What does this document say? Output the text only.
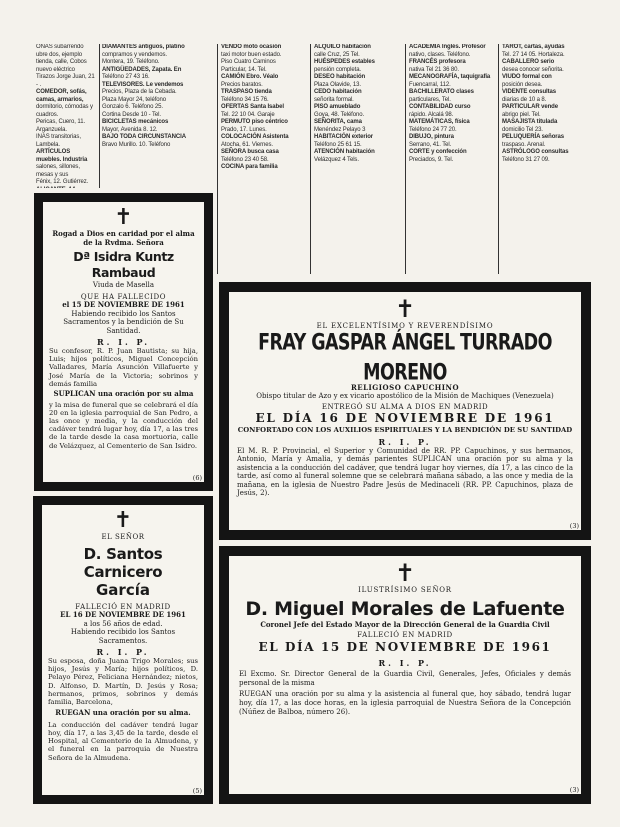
ONAS subarrendo ubre dos, ejemplo
tienda, calle, Cobos nuevo eléctrico
Tirazos Jorge Juan, 21 - .
COMEDOR, sofás, camas, armarios,
dormitorio, cómodas y cuadros.
Pericas, Cuero, 11. Arganzuela.
INAS transitorias, Lambela.
ARTÍCULOS muebles. Industria
salones, sillones, mesas y sus
Fénix, 12. Gutiérrez.
DIAMANTES antiguos, platino
compramos y vendemos.
Montera, 19. Teléfono.
ANTIGÜEDADES, Zapata. En
Teléfono 27 43 16.
TELEVISORES. Le vendemos
Precios, Plaza de la Cebada.
Plaza Mayor 24, teléfono
Gonzalo 6. Teléfono 25.
Cortina Desde 10 - Tel.
BICICLETAS mecánicos
Mayor, Avenida 8. 12.
BAJO TODA CIRCUNSTANCIA
Bravo Murillo. 10. Teléfono
VENDO moto ocasión
taxi motor buen estado.
Piso Cuatro Caminos
Particular, 14. Tel.
CAMIÓN Ebro. Véalo
Precios baratos.
TRASPASO tienda
Teléfono 34 15 76.
OFERTAS Santa Isabel
Tel. 22 10 04. Garaje
PERMUTO piso céntrico
Prado, 17. Lunes.
COLOCACIÓN Asistenta
Atocha, 61. Viernes.
SEÑORA busca casa
Teléfono 23 40 58.
COCINA para familia
ALQUILO habitación
calle Cruz, 25 Tel.
HUÉSPEDES estables
pensión completa.
DESEO habitación
Plaza Olavide, 13.
CEDO habitación
señorita formal.
PISO amueblado
Goya, 48. Teléfono.
SEÑORITA, cama
Menéndez Pelayo 3
HABITACIÓN exterior
Teléfono 25 61 15.
ATENCIÓN habitación
Velázquez 4 Tels.
ACADEMIA Inglés. Profesor
nativo, clases. Teléfono.
FRANCÉS profesora
nativa Tel 21 36 80.
MECANOGRAFÍA, taquigrafía
Fuencarral, 112.
BACHILLERATO clases
particulares, Tel.
CONTABILIDAD curso
rápido. Alcalá 98.
MATEMÁTICAS, física
Teléfono 24 77 20.
DIBUJO, pintura
Serrano, 41. Tel.
CORTE y confección
Preciados, 9. Tel.
TAROT, cartas, ayudas
Tel. 27 14 05. Hortaleza.
CABALLERO serio
desea conocer señorita.
VIUDO formal con
posición desea.
VIDENTE consultas
diarias de 10 a 8.
PARTICULAR vende
abrigo piel. Tel.
MASAJISTA titulada
domicilio Tel 23.
PELUQUERÍA señoras
traspaso. Arenal.
ASTRÓLOGO consultas
Teléfono 31 27 09.
✝
Rogad a Dios en caridad por el alma de la Rvdma. Señora
Dª Isidra Kuntz Rambaud
Viuda de Masella
QUE HA FALLECIDO
el 15 DE NOVIEMBRE DE 1961
Habiendo recibido los Santos Sacramentos y la bendición de Su Santidad.
R. I. P.
Su confesor, R. P. Juan Bautista; su hija, Luis; hijos políticos, Miguel Concepción Valladares, María Asunción Villafuerte y José María de la Victoria; sobrinos y demás familia
SUPLICAN una oración por su alma
y la misa de funeral que se celebrará el día 20 en la iglesia parroquial de San Pedro, a las once y media, y la conducción del cadáver tendrá lugar hoy, día 17, a las tres de la tarde desde la casa mortuoria, calle de Velázquez, al Cementerio de San Isidro.
(6)
✝
EL SEÑOR
D. Santos Carnicero
García
FALLECIÓ EN MADRID
EL 16 DE NOVIEMBRE DE 1961
a los 56 años de edad.
Habiendo recibido los Santos Sacramentos.
R. I. P.
Su esposa, doña Juana Trigo Morales; sus hijos, Jesús y María; hijos políticos, D. Pelayo Pérez, Feliciana Hernández; nietos, D. Alfonso, D. Martín, D. Jesús y Rosa; hermanos, primos, sobrinos y demás familia, Barcelona,
RUEGAN una oración por su alma.
La conducción del cadáver tendrá lugar hoy, día 17, a las 3,45 de la tarde, desde el Hospital, al Cementerio de la Almudena, y el funeral en la parroquia de Nuestra Señora de la Almudena.
(5)
✝
EL EXCELENTÍSIMO Y REVERENDÍSIMO
FRAY GASPAR ÁNGEL TURRADO MORENO
RELIGIOSO CAPUCHINO
Obispo titular de Azo y ex vicario apostólico de la Misión de Machiques (Venezuela)
ENTREGÓ SU ALMA A DIOS EN MADRID
EL DÍA 16 DE NOVIEMBRE DE 1961
CONFORTADO CON LOS AUXILIOS ESPIRITUALES Y LA BENDICIÓN DE SU SANTIDAD
R. I. P.
El M. R. P. Provincial, el Superior y Comunidad de RR. PP. Capuchinos, y sus hermanos, Antonio, María y Amalia, y demás parientes SUPLICAN una oración por su alma y la asistencia a la conducción del cadáver, que tendrá lugar hoy viernes, día 17, a las cinco de la tarde, así como al funeral solemne que se celebrará mañana sábado, a las once y media de la mañana, en la iglesia de Nuestro Padre Jesús de Medinaceli (RR. PP. Capuchinos, plaza de Jesús, 2).
(3)
✝
ILUSTRÍSIMO SEÑOR
D. Miguel Morales de Lafuente
Coronel Jefe del Estado Mayor de la Dirección General de la Guardia Civil
FALLECIÓ EN MADRID
EL DÍA 15 DE NOVIEMBRE DE 1961
R. I. P.
El Excmo. Sr. Director General de la Guardia Civil, Generales, Jefes, Oficiales y demás personal de la misma
RUEGAN una oración por su alma y la asistencia al funeral que, hoy sábado, tendrá lugar hoy, día 17, a las doce horas, en la iglesia parroquial de Nuestra Señora de la Concepción (Núñez de Balboa, número 26).
(3)
